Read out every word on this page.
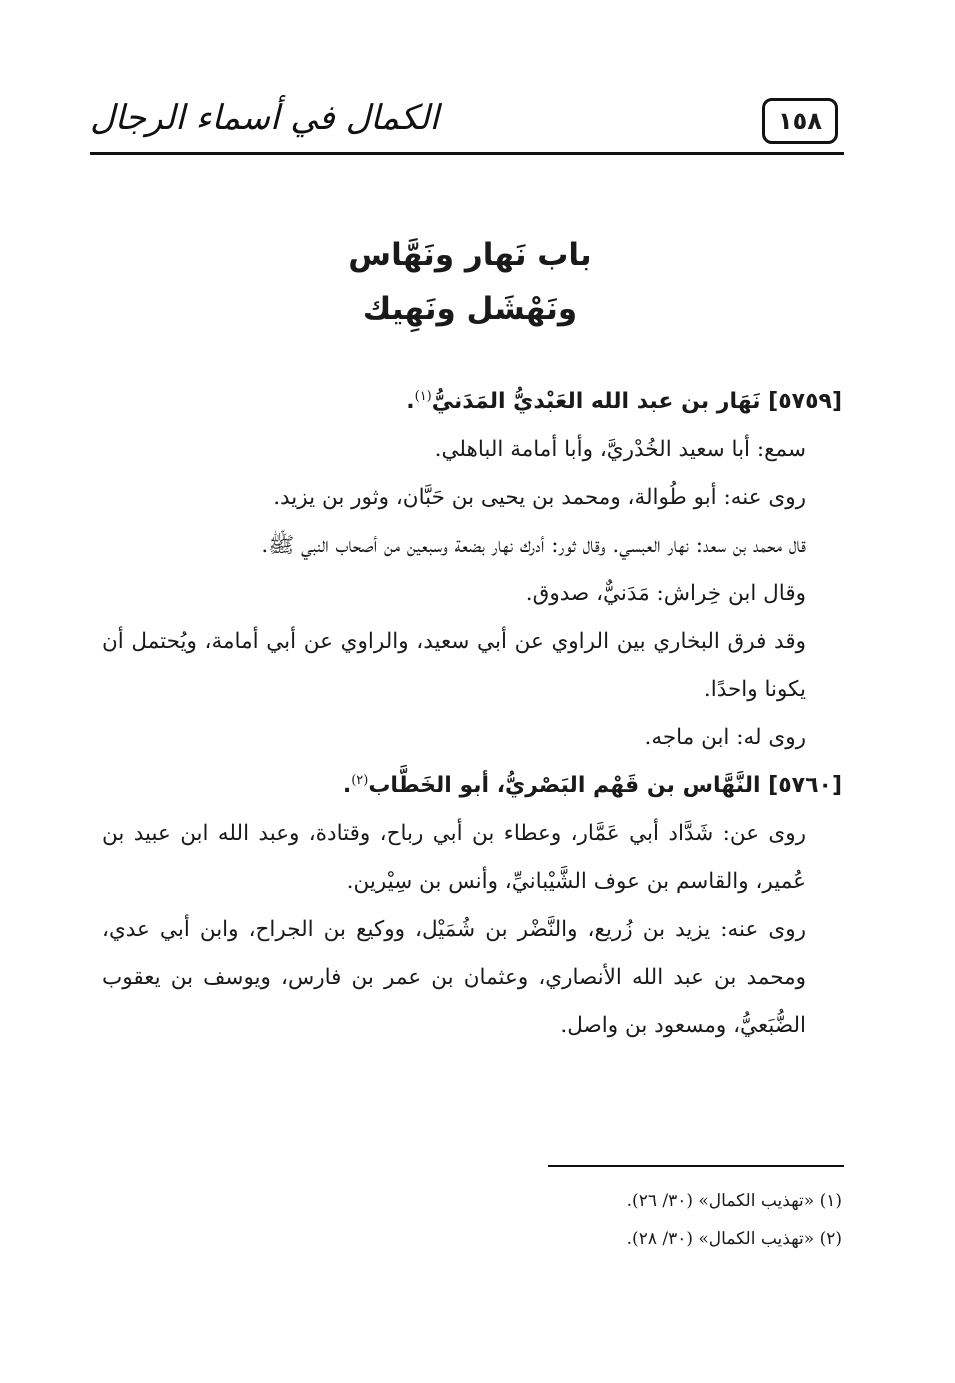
الكمال في أسماء الرجال	١٥٨
باب نَهار ونَهَّاس
ونَهْشَل ونَهِيك

[٥٧٥٩] نَهَار بن عبد الله العَبْديُّ المَدَنيُّ$^{(١)}$.

سمع: أبا سعيد الخُدْريَّ، وأبا أمامة الباهلي.

روى عنه: أبو طُوالة، ومحمد بن يحيى بن حَبَّان، وثور بن يزيد.

قال محمد بن سعد: نهار العبسي. وقال ثور: أدرك نهار بضعة وسبعين من أصحاب النبي ﷺ.

وقال ابن خِراش: مَدَنيٌّ، صدوق.

وقد فرق البخاري بين الراوي عن أبي سعيد، والراوي عن أبي أمامة، ويُحتمل أن يكونا واحدًا.

روى له: ابن ماجه.

[٥٧٦٠] النَّهَّاس بن قَهْم البَصْريُّ، أبو الخَطَّاب$^{(٢)}$.

روى عن: شَدَّاد أبي عَمَّار، وعطاء بن أبي رباح، وقتادة، وعبد الله ابن عبيد بن عُمير، والقاسم بن عوف الشَّيْبانيِّ، وأنس بن سِيْرين.

روى عنه: يزيد بن زُريع، والنَّضْر بن شُمَيْل، ووكيع بن الجراح، وابن أبي عدي، ومحمد بن عبد الله الأنصاري، وعثمان بن عمر بن فارس، ويوسف بن يعقوب الضُّبَعيُّ، ومسعود بن واصل.

(١) «تهذيب الكمال» (٣٠/ ٢٦).

(٢) «تهذيب الكمال» (٣٠/ ٢٨).
